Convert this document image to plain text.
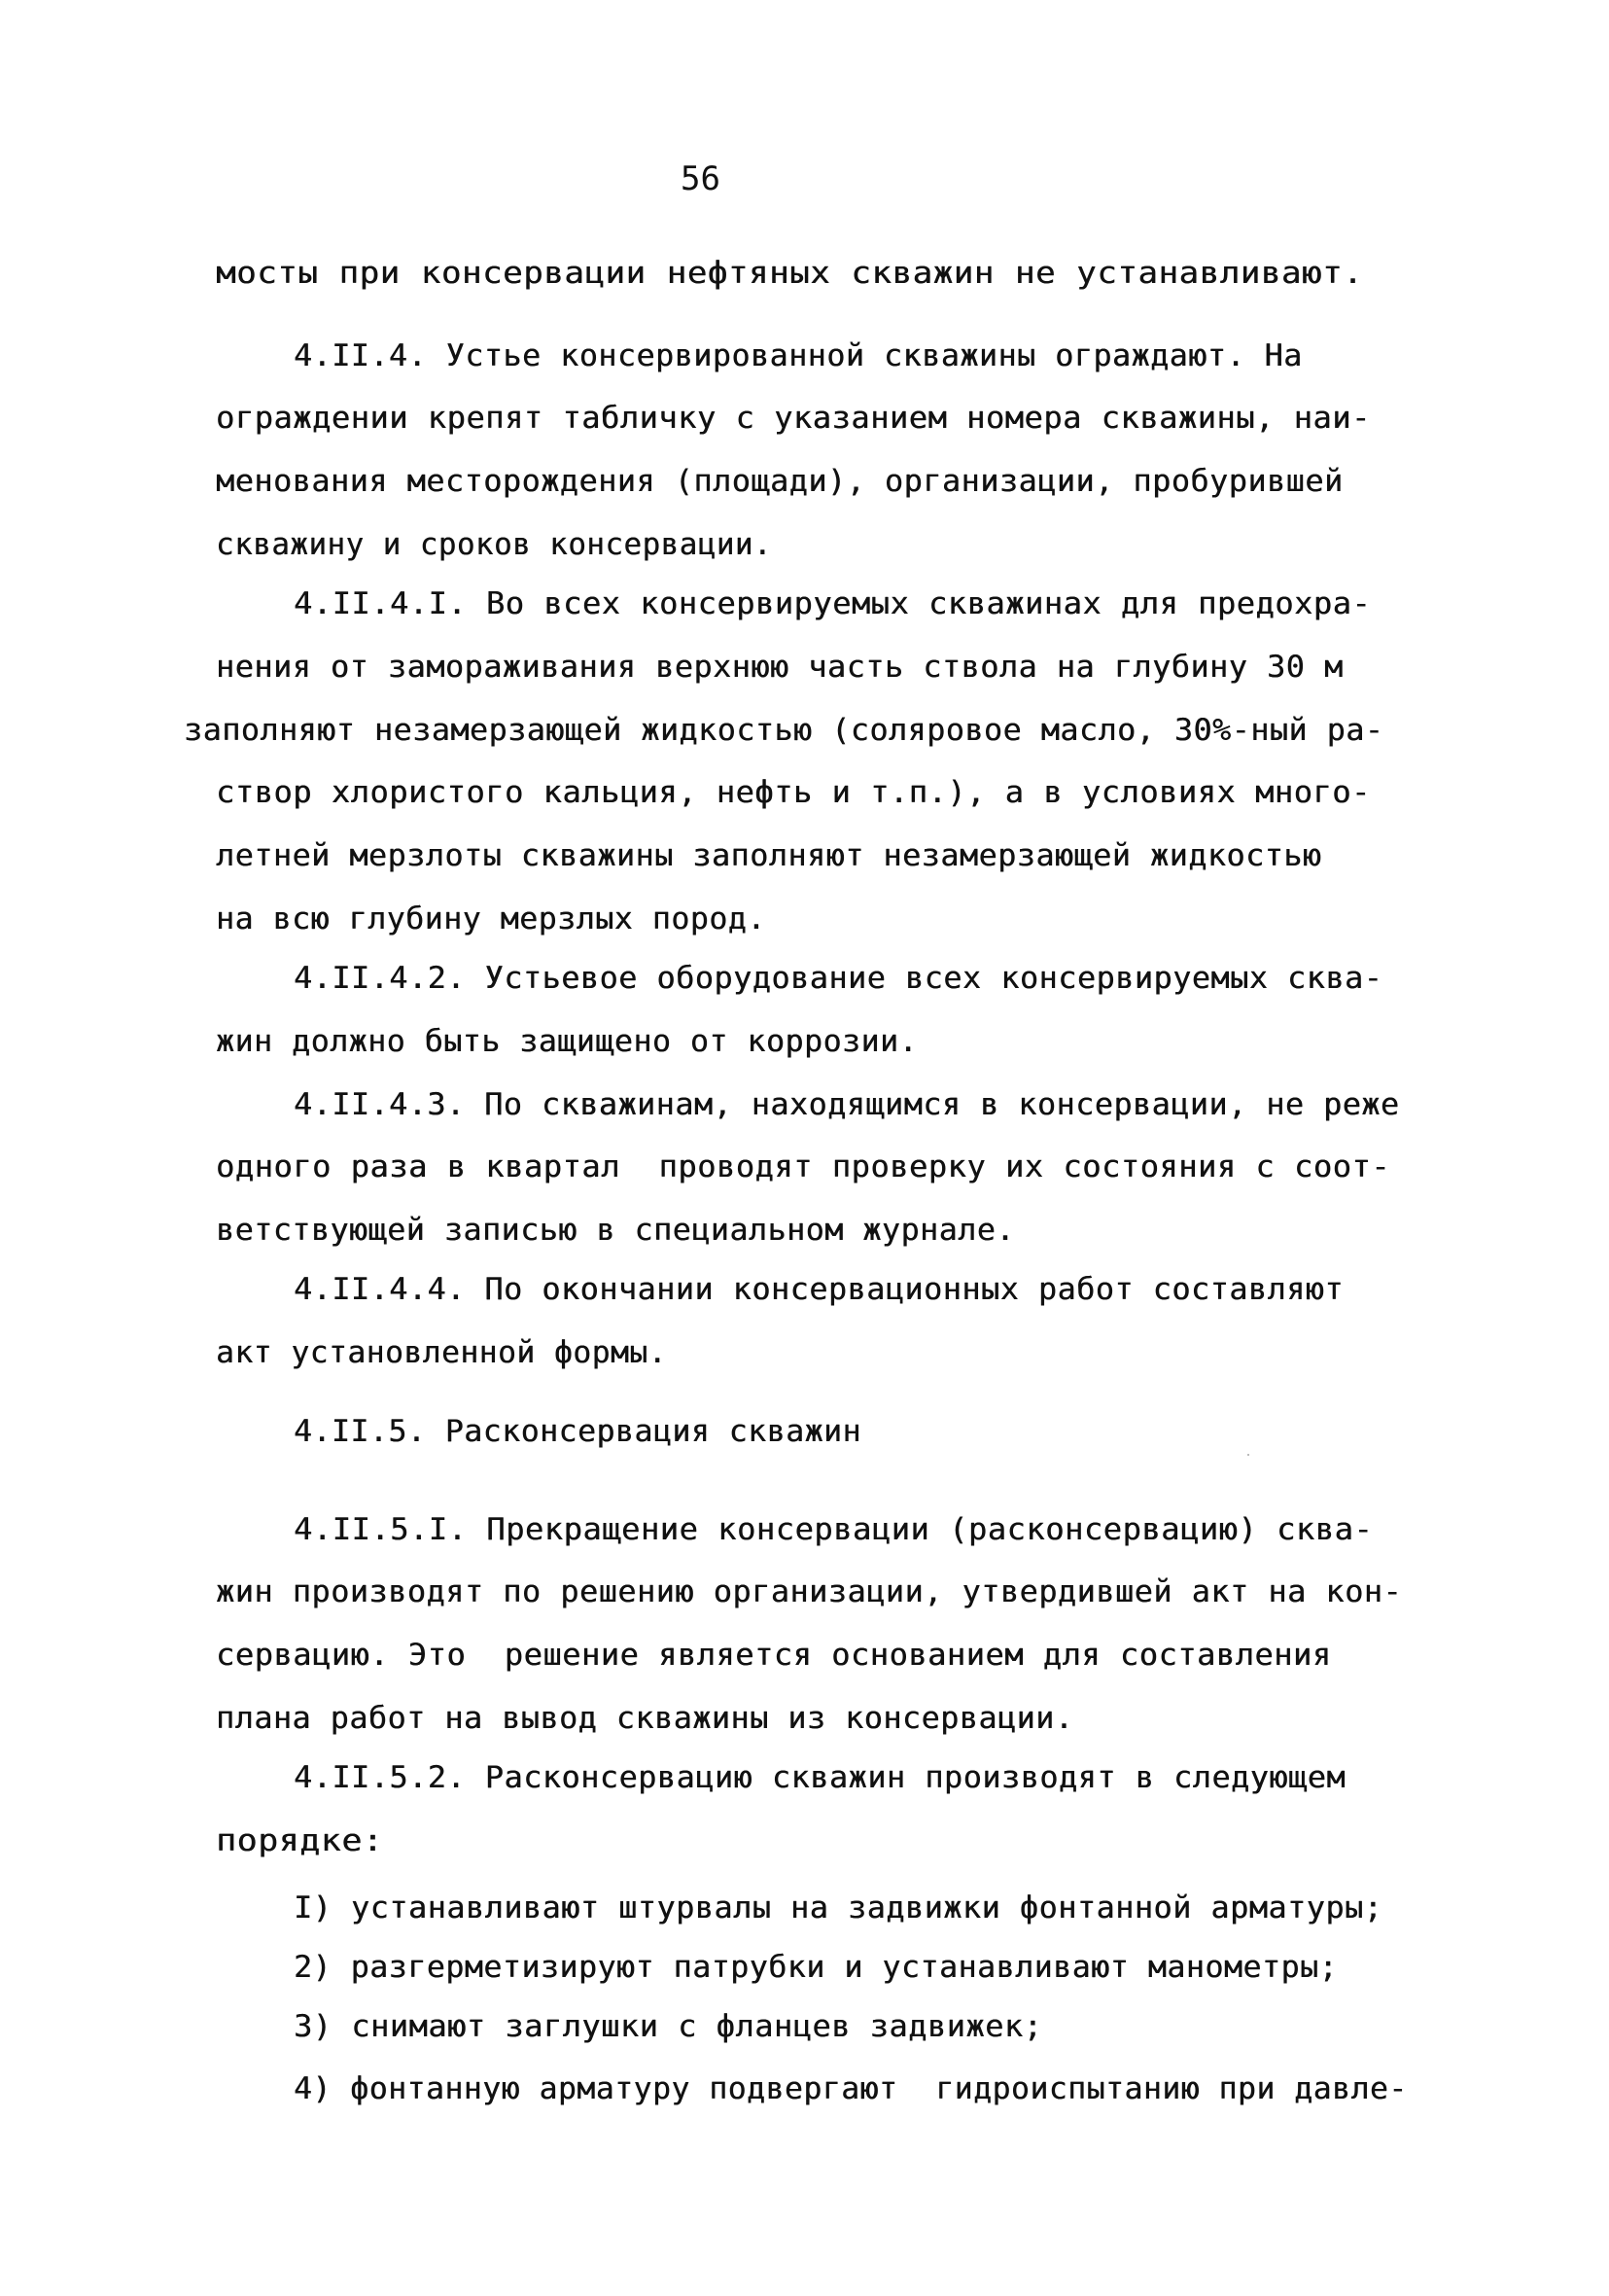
56
мосты при консервации нефтяных скважин не устанавливают.
4.II.4. Устье консервированной скважины ограждают. На
ограждении крепят табличку с указанием номера скважины, наи-
менования месторождения (площади), организации, пробурившей
скважину и сроков консервации.
4.II.4.I. Во всех консервируемых скважинах для предохра-
нения от замораживания верхнюю часть ствола на глубину 30 м
заполняют незамерзающей жидкостью (соляровое масло, 30%-ный ра-
створ хлористого кальция, нефть и т.п.), а в условиях много-
летней мерзлоты скважины заполняют незамерзающей жидкостью
на всю глубину мерзлых пород.
4.II.4.2. Устьевое оборудование всех консервируемых сква-
жин должно быть защищено от коррозии.
4.II.4.3. По скважинам, находящимся в консервации, не реже
одного раза в квартал  проводят проверку их состояния с соот-
ветствующей записью в специальном журнале.
4.II.4.4. По окончании консервационных работ составляют
акт установленной формы.
4.II.5. Расконсервация скважин
4.II.5.I. Прекращение консервации (расконсервацию) сква-
жин производят по решению организации, утвердившей акт на кон-
сервацию. Это  решение является основанием для составления
плана работ на вывод скважины из консервации.
4.II.5.2. Расконсервацию скважин производят в следующем
порядке:
I) устанавливают штурвалы на задвижки фонтанной арматуры;
2) разгерметизируют патрубки и устанавливают манометры;
3) снимают заглушки с фланцев задвижек;
4) фонтанную арматуру подвергают  гидроиспытанию при давле-
